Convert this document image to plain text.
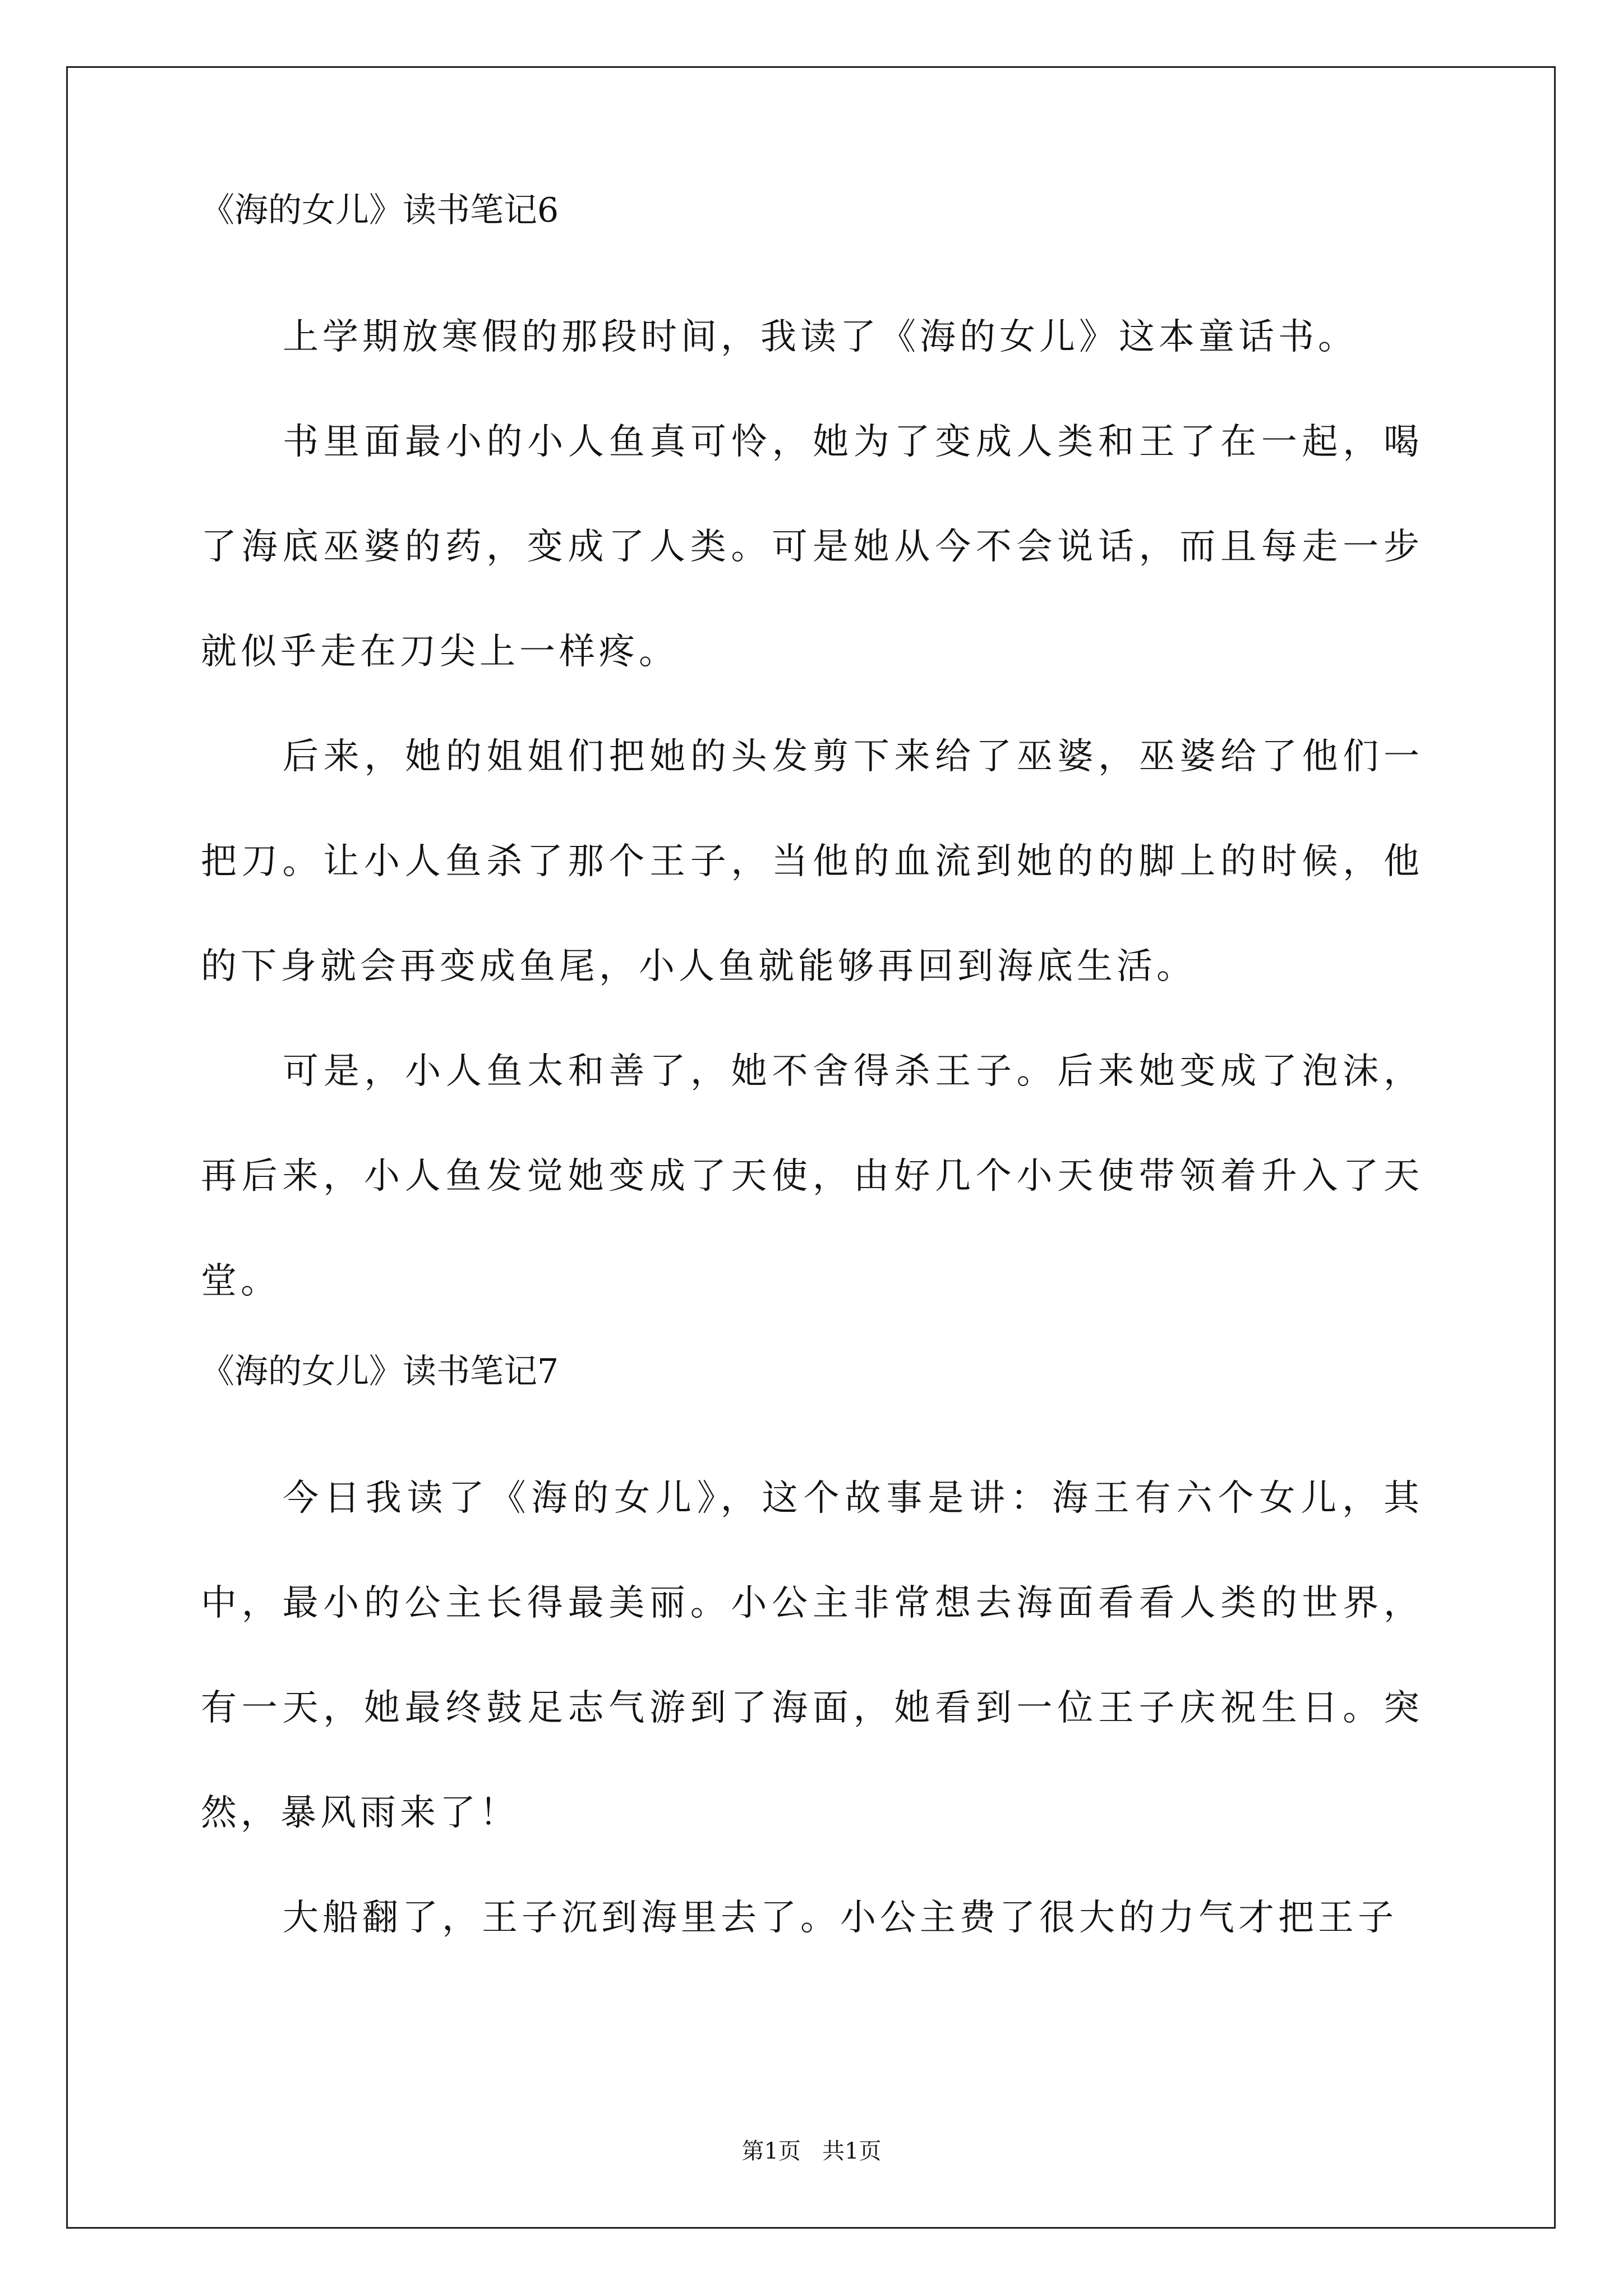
《海的女儿》读书笔记6

上学期放寒假的那段时间，我读了《海的女儿》这本童话书。

书里面最小的小人鱼真可怜，她为了变成人类和王了在一起，喝了海底巫婆的药，变成了人类。可是她从今不会说话，而且每走一步就似乎走在刀尖上一样疼。

后来，她的姐姐们把她的头发剪下来给了巫婆，巫婆给了他们一把刀。让小人鱼杀了那个王子，当他的血流到她的的脚上的时候，他的下身就会再变成鱼尾，小人鱼就能够再回到海底生活。

可是，小人鱼太和善了，她不舍得杀王子。后来她变成了泡沫，再后来，小人鱼发觉她变成了天使，由好几个小天使带领着升入了天堂。

《海的女儿》读书笔记7

今日我读了《海的女儿》，这个故事是讲：海王有六个女儿，其中，最小的公主长得最美丽。小公主非常想去海面看看人类的世界，有一天，她最终鼓足志气游到了海面，她看到一位王子庆祝生日。突然，暴风雨来了！

大船翻了，王子沉到海里去了。小公主费了很大的力气才把王子

第1页   共1页
